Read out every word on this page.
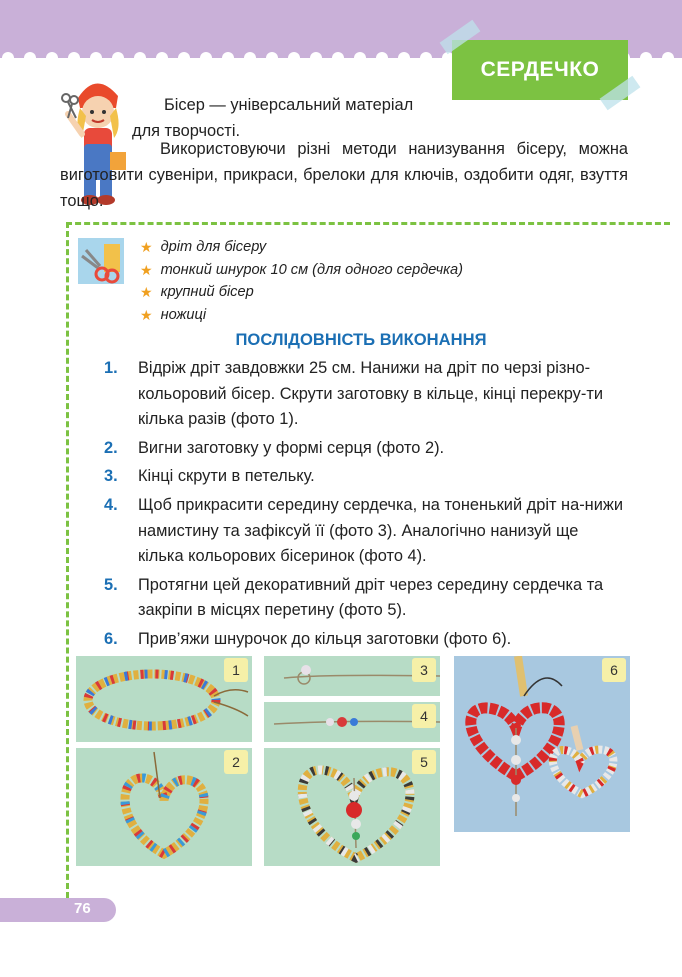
СЕРДЕЧКО

Бісер — універсальний матеріал

для творчості.

Використовуючи різні методи нанизування бісеру, можна виготовити сувеніри, прикраси, брелоки для ключів, оздобити одяг, взуття тощо.

★ дріт для бісеру
★ тонкий шнурок 10 см (для одного сердечка)
★ крупний бісер
★ ножиці
ПОСЛІДОВНІСТЬ ВИКОНАННЯ
1.	Відріж дріт завдовжки 25 см. Нанижи на дріт по черзі різно-кольоровий бісер. Скрути заготовку в кільце, кінці перекру-ти кілька разів (фото 1).
2.	Вигни заготовку у формі серця (фото 2).
3.	Кінці скрути в петельку.
4.	Щоб прикрасити середину сердечка, на тоненький дріт на-нижи намистину та зафіксуй її (фото 3). Аналогічно нанизуй ще кілька кольорових бісеринок (фото 4).
5.	Протягни цей декоративний дріт через середину сердечка та закріпи в місцях перетину (фото 5).
6.	Прив’яжи шнурочок до кільця заготовки (фото 6).
1
2
3
4
5
6
76
